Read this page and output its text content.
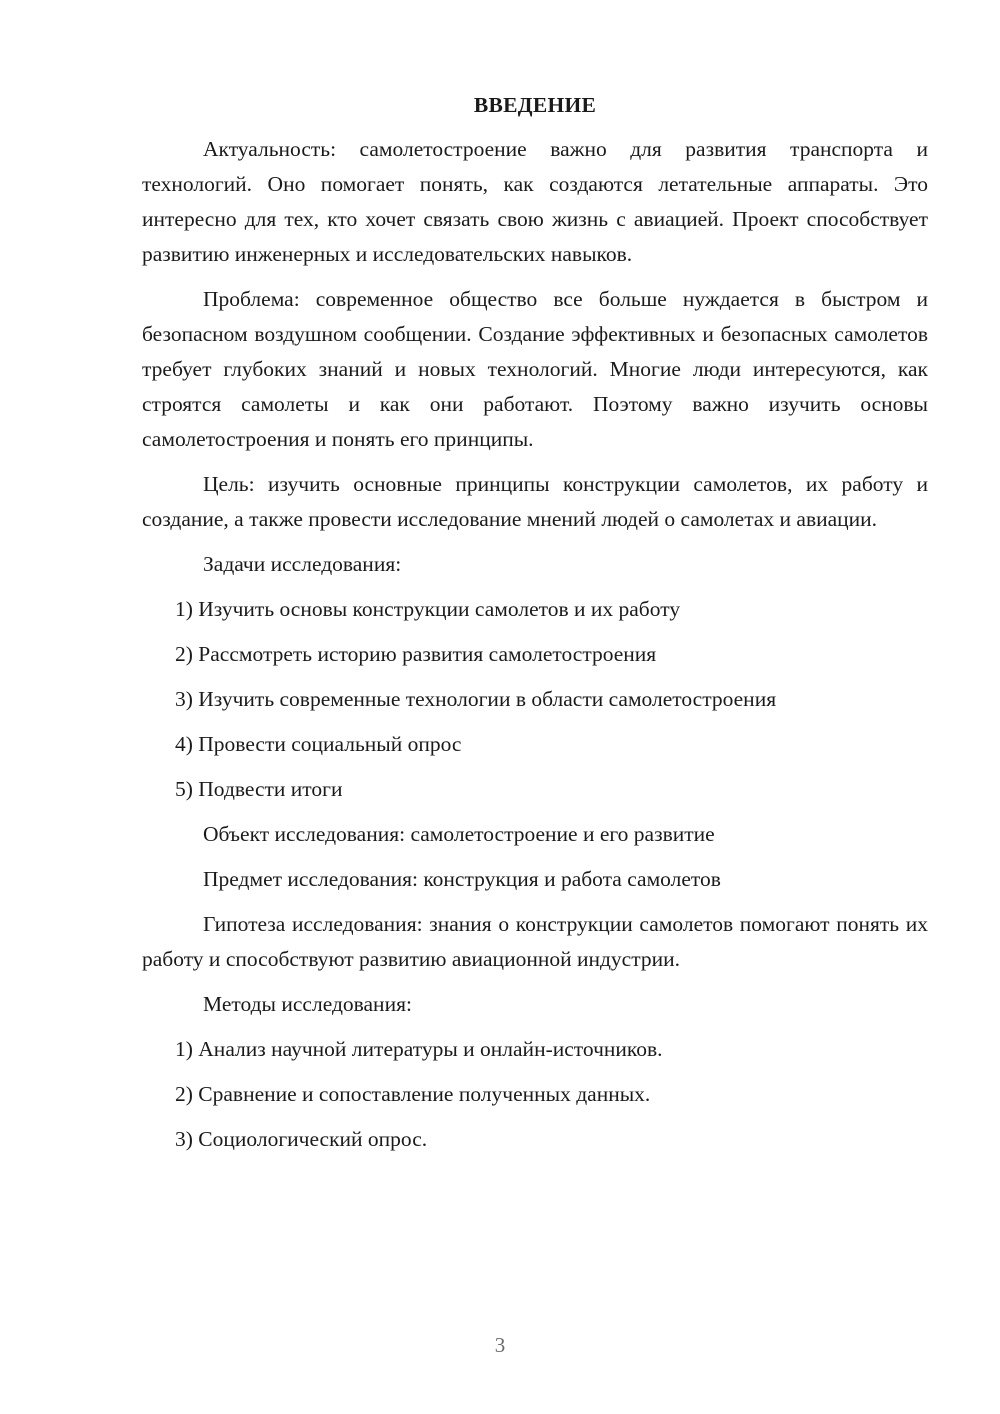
ВВЕДЕНИЕ
Актуальность: самолетостроение важно для развития транспорта и технологий. Оно помогает понять, как создаются летательные аппараты. Это интересно для тех, кто хочет связать свою жизнь с авиацией. Проект способствует развитию инженерных и исследовательских навыков.
Проблема: современное общество все больше нуждается в быстром и безопасном воздушном сообщении. Создание эффективных и безопасных самолетов требует глубоких знаний и новых технологий. Многие люди интересуются, как строятся самолеты и как они работают. Поэтому важно изучить основы самолетостроения и понять его принципы.
Цель: изучить основные принципы конструкции самолетов, их работу и создание, а также провести исследование мнений людей о самолетах и авиации.
Задачи исследования:
1) Изучить основы конструкции самолетов и их работу
2) Рассмотреть историю развития самолетостроения
3) Изучить современные технологии в области самолетостроения
4) Провести социальный опрос
5) Подвести итоги
Объект исследования: самолетостроение и его развитие
Предмет исследования: конструкция и работа самолетов
Гипотеза исследования: знания о конструкции самолетов помогают понять их работу и способствуют развитию авиационной индустрии.
Методы исследования:
1) Анализ научной литературы и онлайн-источников.
2) Сравнение и сопоставление полученных данных.
3) Социологический опрос.
3
